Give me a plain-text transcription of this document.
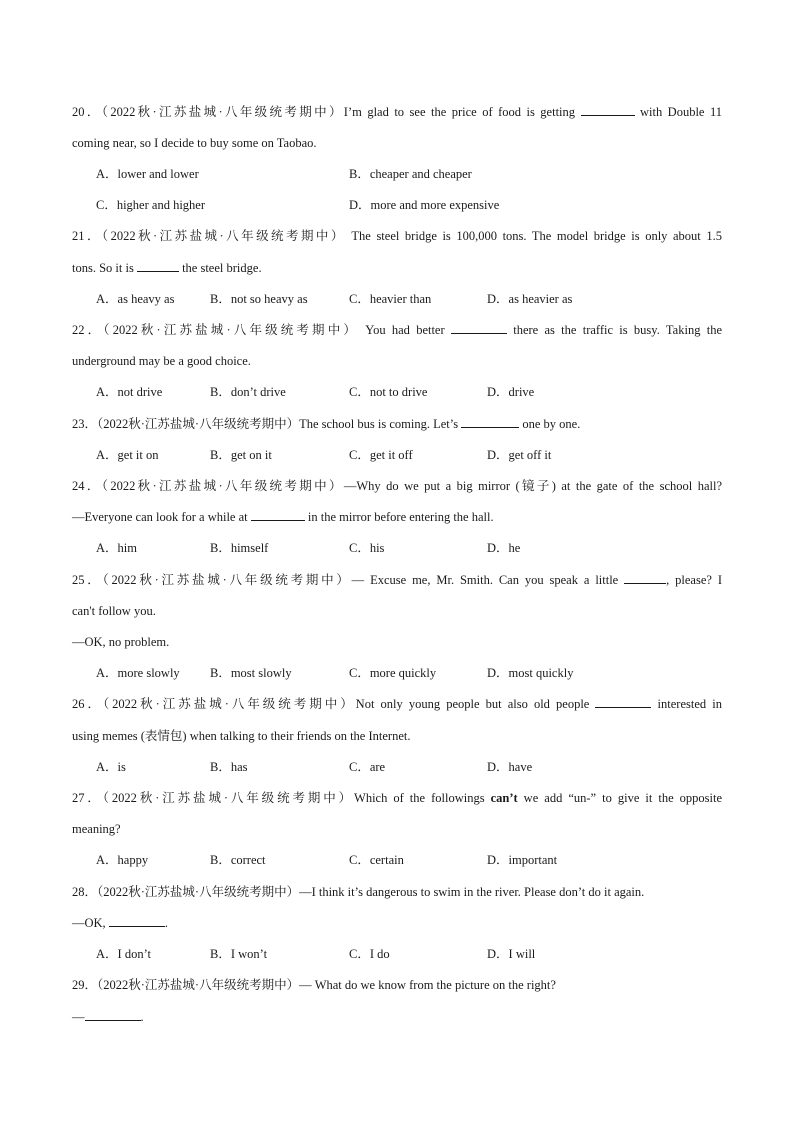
20．（2022秋·江苏盐城·八年级统考期中）I’m glad to see the price of food is getting	with Double 11
coming near, so I decide to buy some on Taobao.
A．lower and lower	B．cheaper and cheaper
C．higher and higher	D．more and more expensive
21．（2022秋·江苏盐城·八年级统考期中） The steel bridge is 100,000 tons. The model bridge is only about 1.5
tons. So it is	the steel bridge.
A．as heavy as	B．not so heavy as	C．heavier than	D．as heavier as
22．（2022秋·江苏盐城·八年级统考期中） You had better	there as the traffic is busy. Taking the
underground may be a good choice.
A．not drive	B．don’t drive	C．not to drive	D．drive
23．（2022秋·江苏盐城·八年级统考期中）The school bus is coming. Let’s	one by one.
A．get it on	B．get on it	C．get it off	D．get off it
24．（2022秋·江苏盐城·八年级统考期中）—Why do we put a big mirror (镜子) at the gate of the school hall?
—Everyone can look for a while at	in the mirror before entering the hall.
A．him	B．himself	C．his	D．he
25．（2022秋·江苏盐城·八年级统考期中）— Excuse me, Mr. Smith. Can you speak a little	, please? I
can't follow you.
—OK, no problem.
A．more slowly B．most slowly	C．more quickly	D．most quickly
26．（2022秋·江苏盐城·八年级统考期中）Not only young people but also old people	interested in
using memes (表情包) when talking to their friends on the Internet.
A．is	B．has	C．are	D．have
27．（2022秋·江苏盐城·八年级统考期中）Which of the followings can’t we add “un-” to give it the opposite
meaning?
A．happy	B．correct	C．certain	D．important
28．（2022秋·江苏盐城·八年级统考期中）—I think it’s dangerous to swim in the river. Please don’t do it again.
—OK,	.
A．I don’t	B．I won’t	C．I do	D．I will
29．（2022秋·江苏盐城·八年级统考期中）— What do we know from the picture on the right?
—	.
